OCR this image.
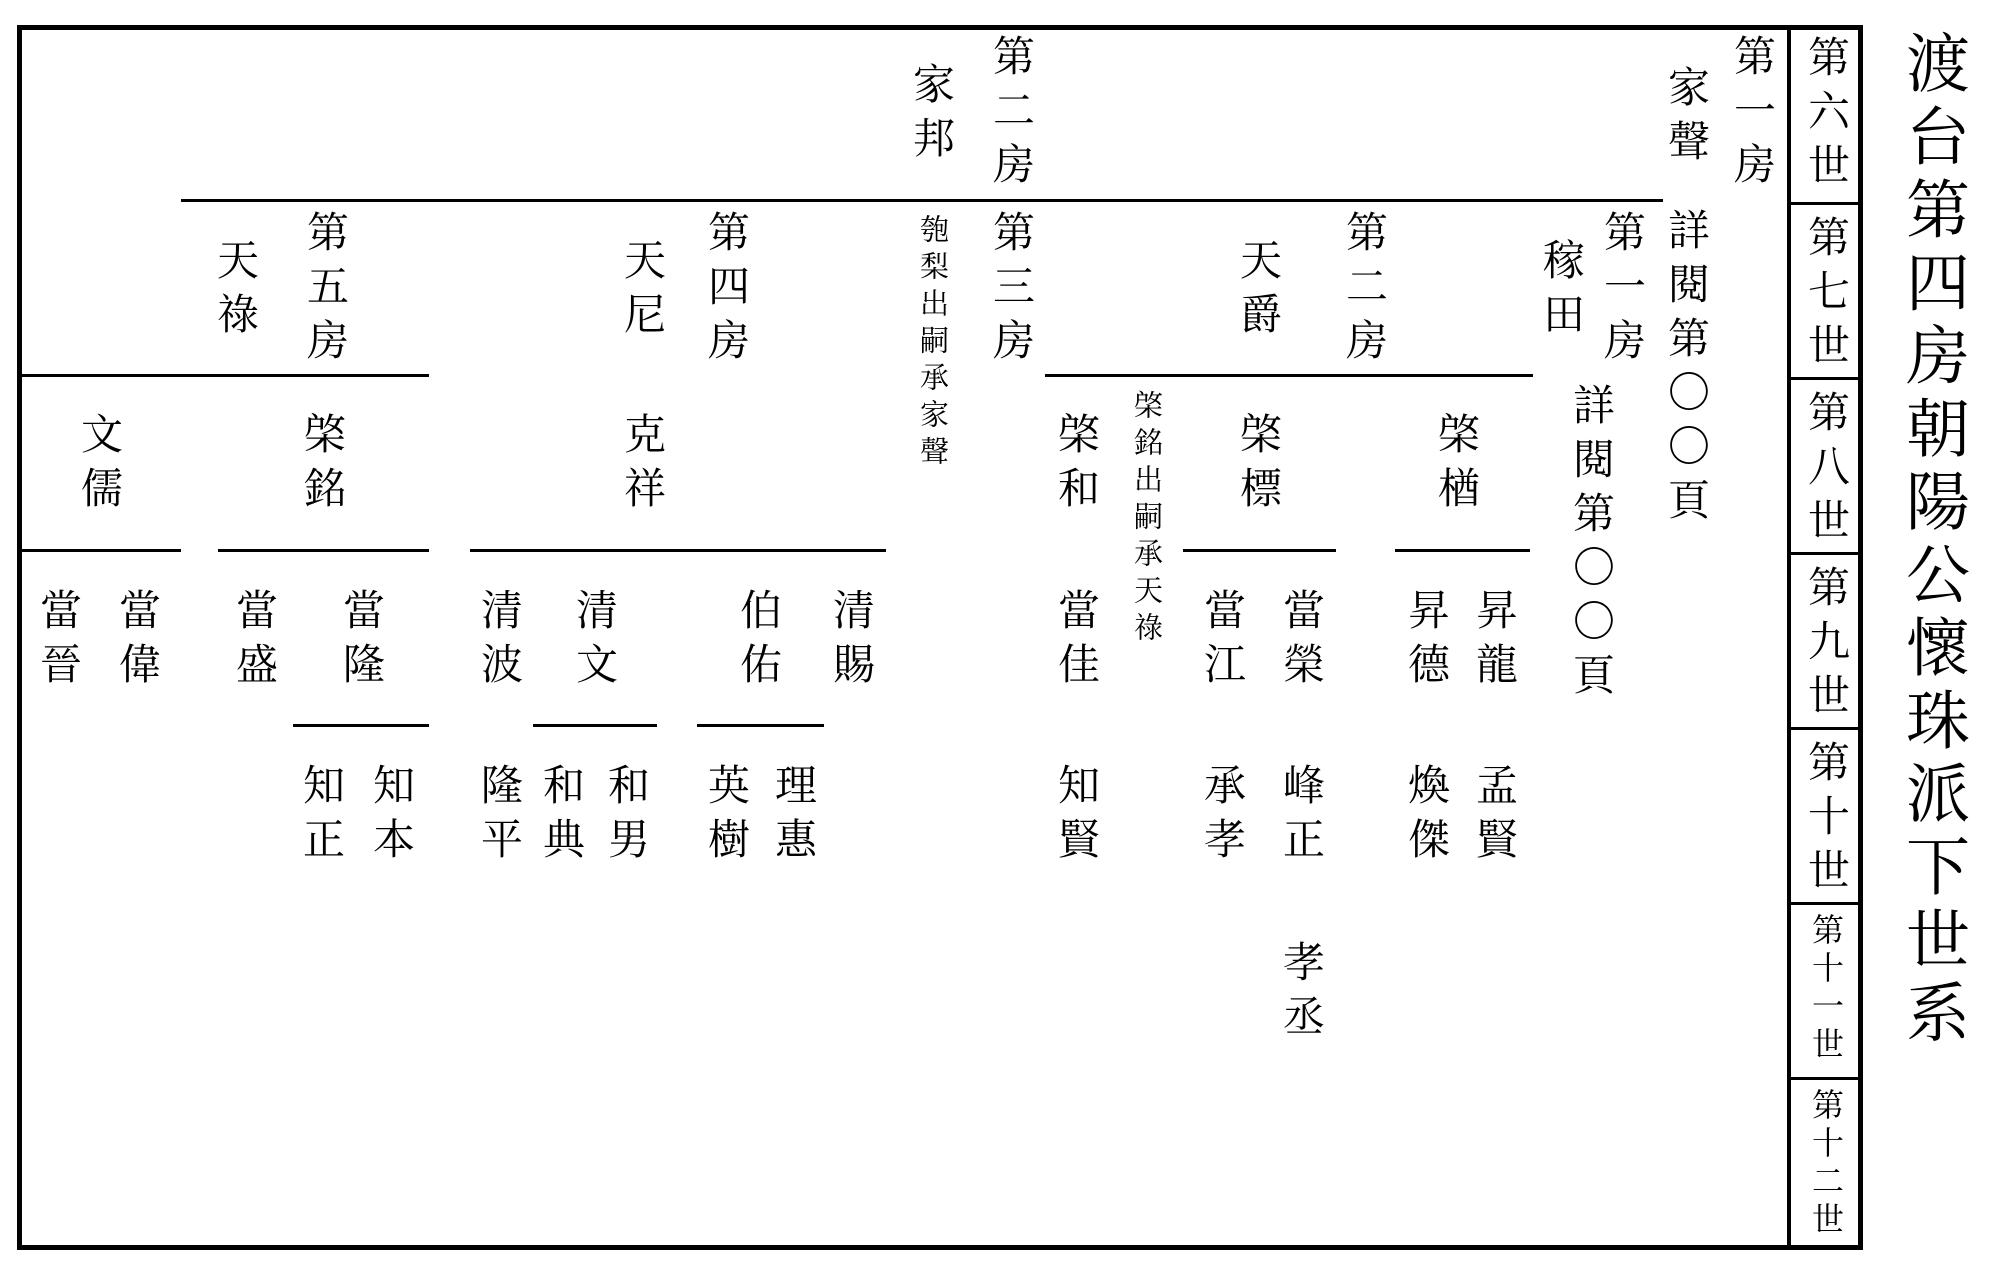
第六世
第七世
第八世
第九世
第十世
第十一世
第十二世
渡台第四房朝陽公懷珠派下世系
第一房
家聲
詳閱第〇〇頁
第二房
家邦
第一房
稼田
詳閱第〇〇頁
第二房
天爵
第三房
匏梨出嗣承家聲
第四房
天尼
第五房
天祿
棨楢
棨標
棨銘出嗣承天祿
棨和
克祥
棨銘
文儒
昇龍
昇德
當榮
當江
當佳
清賜
伯佑
清文
清波
當隆
當盛
當偉
當晉
孟賢
煥傑
峰正
承孝
知賢
理惠
英樹
和男
和典
隆平
知本
知正
孝丞
